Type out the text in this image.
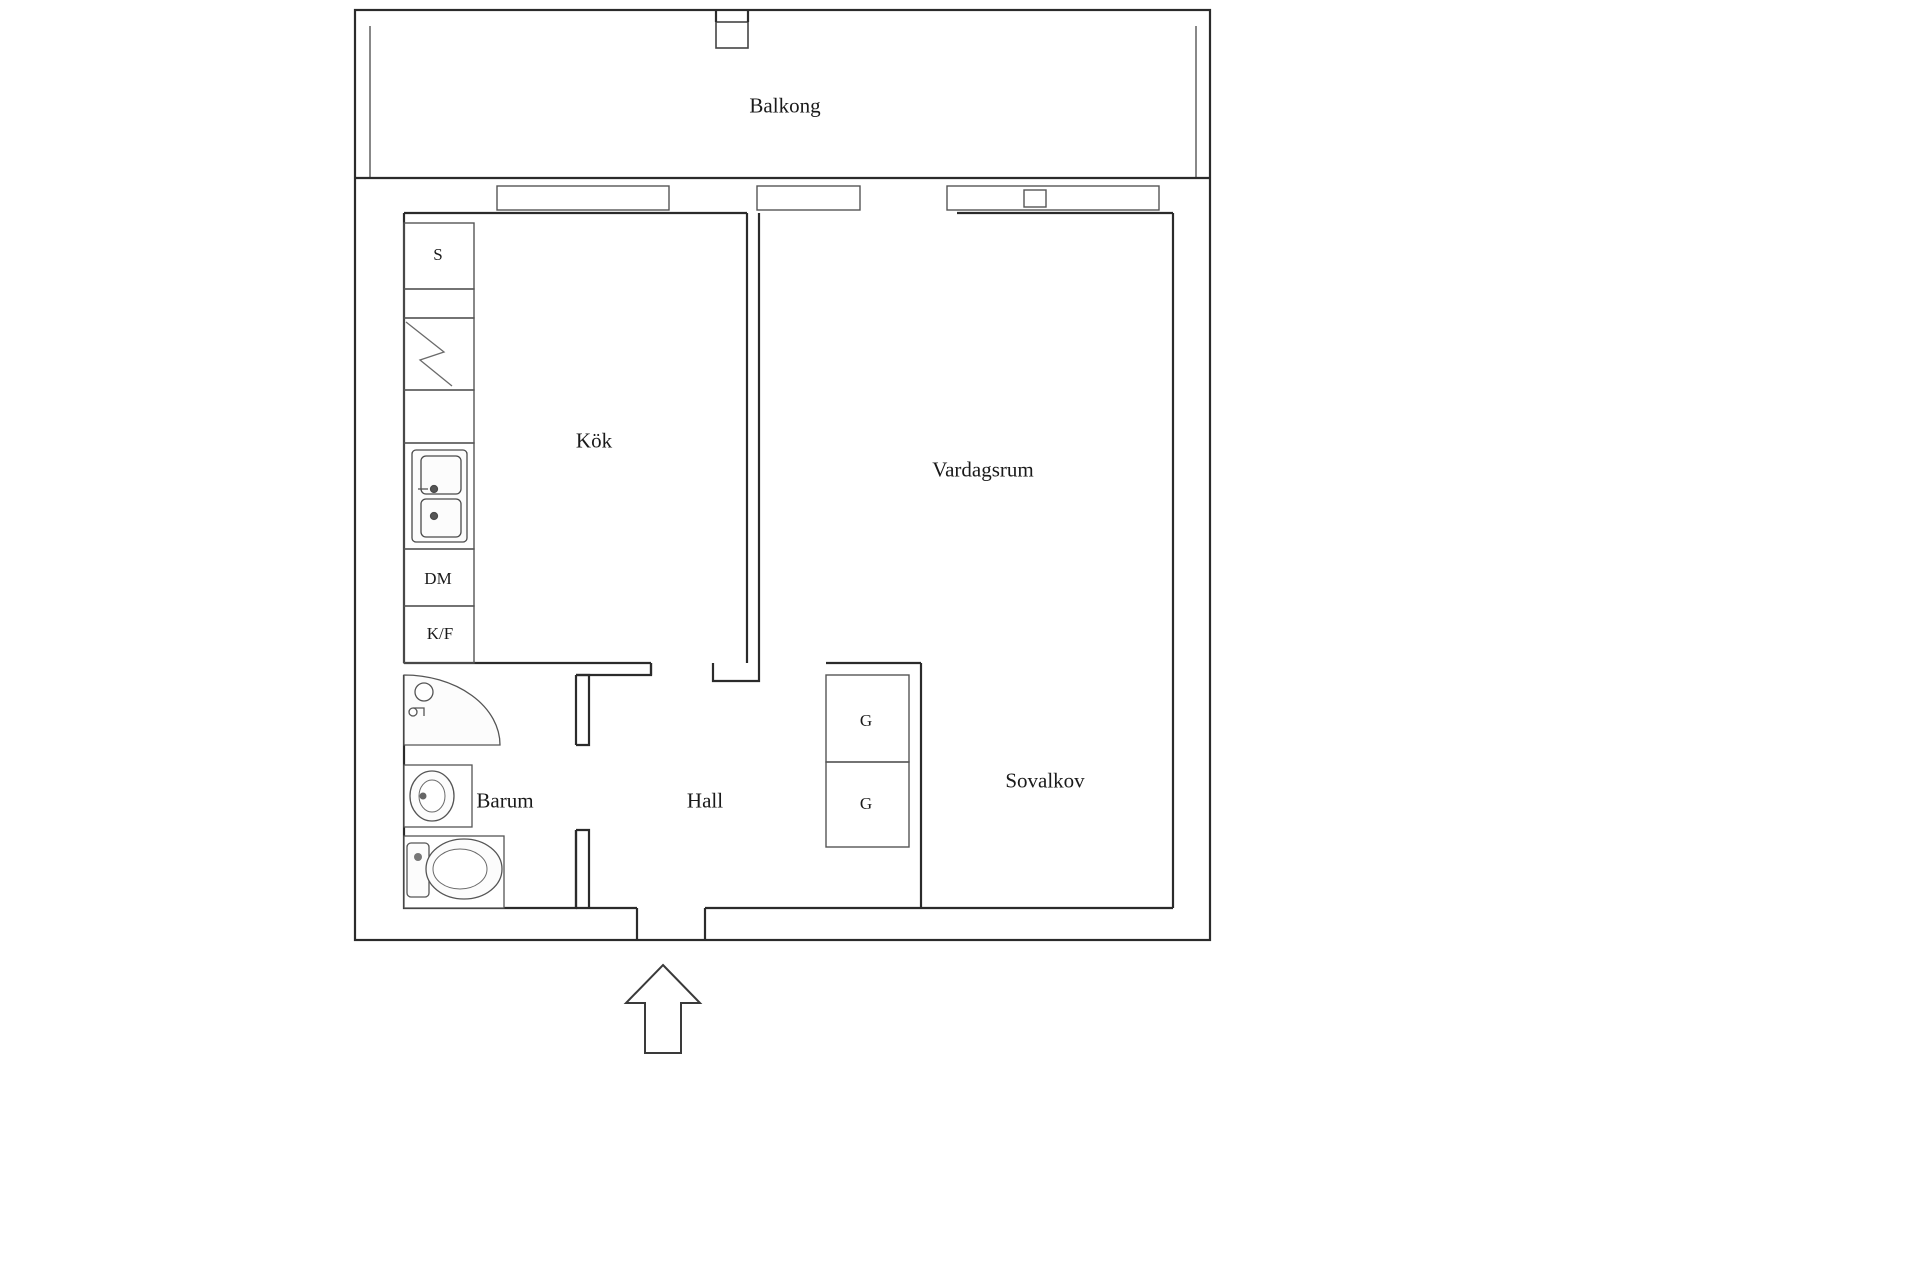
Balkong
Kök
Vardagsrum
Sovalkov
Hall
Barum
S
DM
K/F
G
G
